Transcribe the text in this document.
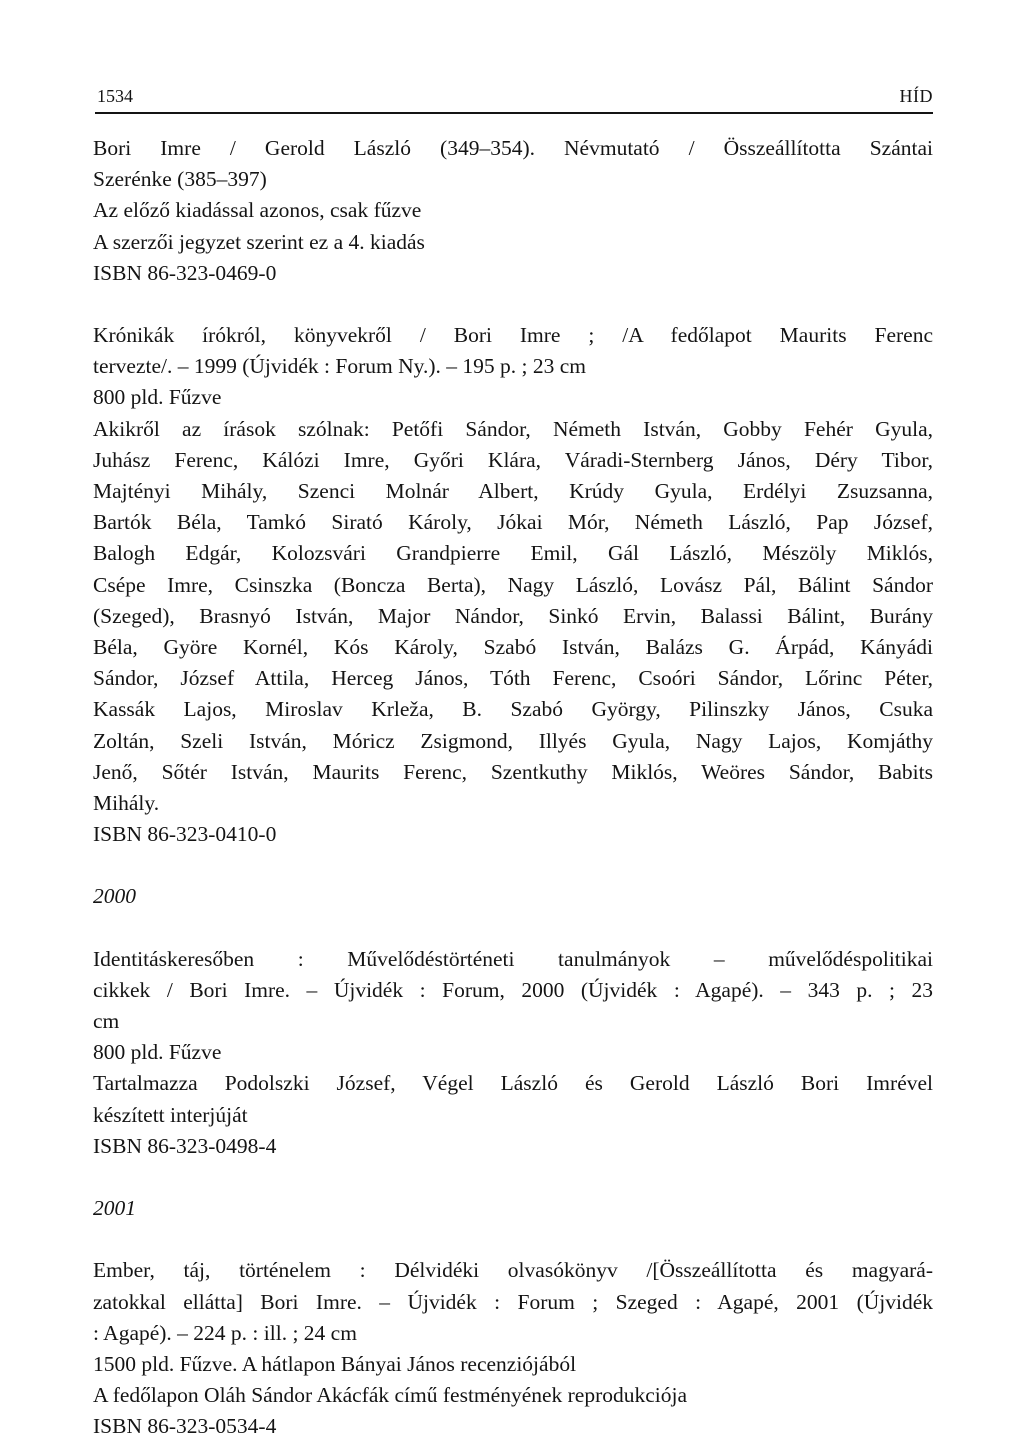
1534	HÍD
Bori Imre / Gerold László (349–354). Névmutató / Összeállította Szántai
Szerénke (385–397)
Az előző kiadással azonos, csak fűzve
A szerzői jegyzet szerint ez a 4. kiadás
ISBN 86-323-0469-0
Krónikák írókról, könyvekről / Bori Imre ; /A fedőlapot Maurits Ferenc
tervezte/. – 1999 (Újvidék : Forum Ny.). – 195 p. ; 23 cm
800 pld. Fűzve
Akikről az írások szólnak: Petőfi Sándor, Németh István, Gobby Fehér Gyula,
Juhász Ferenc, Kálózi Imre, Győri Klára, Váradi-Sternberg János, Déry Tibor,
Majtényi Mihály, Szenci Molnár Albert, Krúdy Gyula, Erdélyi Zsuzsanna,
Bartók Béla, Tamkó Sirató Károly, Jókai Mór, Németh László, Pap József,
Balogh Edgár, Kolozsvári Grandpierre Emil, Gál László, Mészöly Miklós,
Csépe Imre, Csinszka (Boncza Berta), Nagy László, Lovász Pál, Bálint Sándor
(Szeged), Brasnyó István, Major Nándor, Sinkó Ervin, Balassi Bálint, Burány
Béla, Györe Kornél, Kós Károly, Szabó István, Balázs G. Árpád, Kányádi
Sándor, József Attila, Herceg János, Tóth Ferenc, Csoóri Sándor, Lőrinc Péter,
Kassák Lajos, Miroslav Krleža, B. Szabó György, Pilinszky János, Csuka
Zoltán, Szeli István, Móricz Zsigmond, Illyés Gyula, Nagy Lajos, Komjáthy
Jenő, Sőtér István, Maurits Ferenc, Szentkuthy Miklós, Weöres Sándor, Babits
Mihály.
ISBN 86-323-0410-0
2000
Identitáskeresőben : Művelődéstörténeti tanulmányok – művelődéspolitikai
cikkek / Bori Imre. – Újvidék : Forum, 2000 (Újvidék : Agapé). – 343 p. ; 23
cm
800 pld. Fűzve
Tartalmazza Podolszki József, Végel László és Gerold László Bori Imrével
készített interjúját
ISBN 86-323-0498-4
2001
Ember, táj, történelem : Délvidéki olvasókönyv /[Összeállította és magyará-
zatokkal ellátta] Bori Imre. – Újvidék : Forum ; Szeged : Agapé, 2001 (Újvidék
: Agapé). – 224 p. : ill. ; 24 cm
1500 pld. Fűzve. A hátlapon Bányai János recenziójából
A fedőlapon Oláh Sándor Akácfák című festményének reprodukciója
ISBN 86-323-0534-4
